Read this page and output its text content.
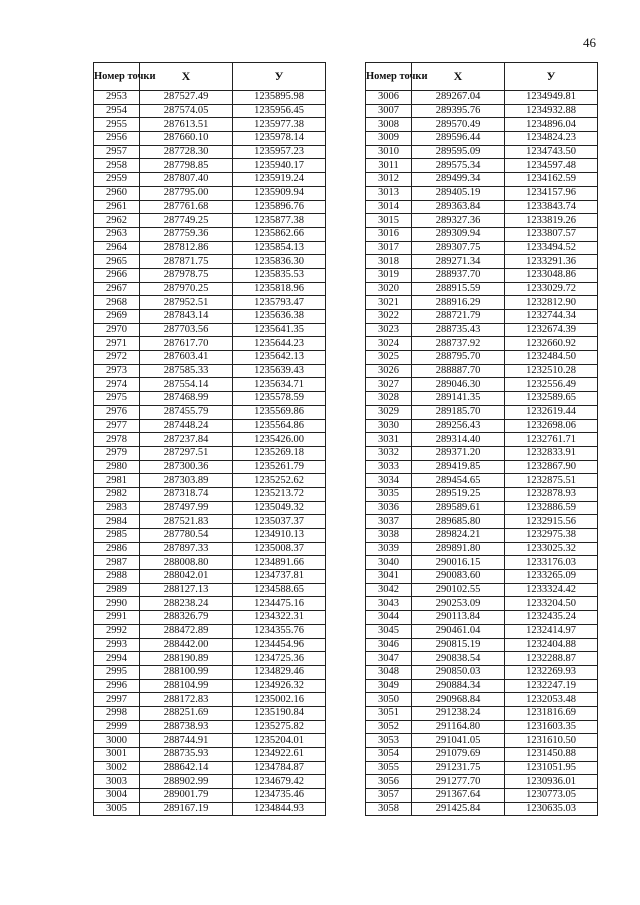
46
Номер точки	Х	У
2953	287527.49	1235895.98
2954	287574.05	1235956.45
2955	287613.51	1235977.38
2956	287660.10	1235978.14
2957	287728.30	1235957.23
2958	287798.85	1235940.17
2959	287807.40	1235919.24
2960	287795.00	1235909.94
2961	287761.68	1235896.76
2962	287749.25	1235877.38
2963	287759.36	1235862.66
2964	287812.86	1235854.13
2965	287871.75	1235836.30
2966	287978.75	1235835.53
2967	287970.25	1235818.96
2968	287952.51	1235793.47
2969	287843.14	1235636.38
2970	287703.56	1235641.35
2971	287617.70	1235644.23
2972	287603.41	1235642.13
2973	287585.33	1235639.43
2974	287554.14	1235634.71
2975	287468.99	1235578.59
2976	287455.79	1235569.86
2977	287448.24	1235564.86
2978	287237.84	1235426.00
2979	287297.51	1235269.18
2980	287300.36	1235261.79
2981	287303.89	1235252.62
2982	287318.74	1235213.72
2983	287497.99	1235049.32
2984	287521.83	1235037.37
2985	287780.54	1234910.13
2986	287897.33	1235008.37
2987	288008.80	1234891.66
2988	288042.01	1234737.81
2989	288127.13	1234588.65
2990	288238.24	1234475.16
2991	288326.79	1234322.31
2992	288472.89	1234355.76
2993	288442.00	1234454.96
2994	288190.89	1234725.36
2995	288100.99	1234829.46
2996	288104.99	1234926.32
2997	288172.83	1235002.16
2998	288251.69	1235190.84
2999	288738.93	1235275.82
3000	288744.91	1235204.01
3001	288735.93	1234922.61
3002	288642.14	1234784.87
3003	288902.99	1234679.42
3004	289001.79	1234735.46
3005	289167.19	1234844.93
Номер точки	Х	У
3006	289267.04	1234949.81
3007	289395.76	1234932.88
3008	289570.49	1234896.04
3009	289596.44	1234824.23
3010	289595.09	1234743.50
3011	289575.34	1234597.48
3012	289499.34	1234162.59
3013	289405.19	1234157.96
3014	289363.84	1233843.74
3015	289327.36	1233819.26
3016	289309.94	1233807.57
3017	289307.75	1233494.52
3018	289271.34	1233291.36
3019	288937.70	1233048.86
3020	288915.59	1233029.72
3021	288916.29	1232812.90
3022	288721.79	1232744.34
3023	288735.43	1232674.39
3024	288737.92	1232660.92
3025	288795.70	1232484.50
3026	288887.70	1232510.28
3027	289046.30	1232556.49
3028	289141.35	1232589.65
3029	289185.70	1232619.44
3030	289256.43	1232698.06
3031	289314.40	1232761.71
3032	289371.20	1232833.91
3033	289419.85	1232867.90
3034	289454.65	1232875.51
3035	289519.25	1232878.93
3036	289589.61	1232886.59
3037	289685.80	1232915.56
3038	289824.21	1232975.38
3039	289891.80	1233025.32
3040	290016.15	1233176.03
3041	290083.60	1233265.09
3042	290102.55	1233324.42
3043	290253.09	1233204.50
3044	290113.84	1232435.24
3045	290461.04	1232414.97
3046	290815.19	1232404.88
3047	290838.54	1232288.87
3048	290850.03	1232269.93
3049	290884.34	1232247.19
3050	290968.84	1232053.48
3051	291238.24	1231816.69
3052	291164.80	1231603.35
3053	291041.05	1231610.50
3054	291079.69	1231450.88
3055	291231.75	1231051.95
3056	291277.70	1230936.01
3057	291367.64	1230773.05
3058	291425.84	1230635.03
